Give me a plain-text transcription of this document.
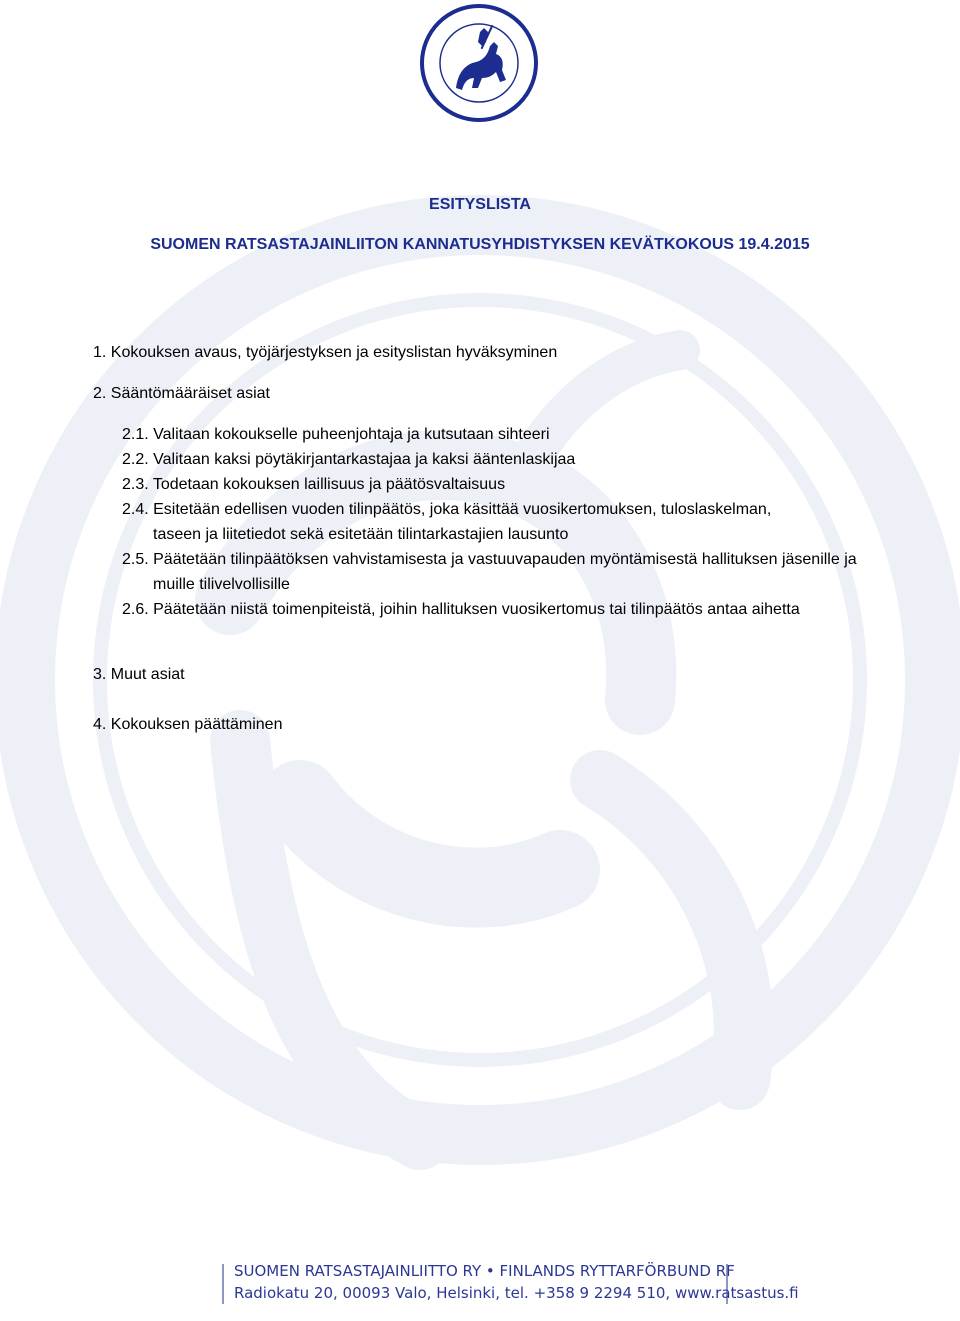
ESITYSLISTA
SUOMEN RATSASTAJAINLIITON KANNATUSYHDISTYKSEN KEVÄTKOKOUS 19.4.2015
1. Kokouksen avaus, työjärjestyksen ja esityslistan hyväksyminen
2. Sääntömääräiset asiat
2.1. Valitaan kokoukselle puheenjohtaja ja kutsutaan sihteeri
2.2. Valitaan kaksi pöytäkirjantarkastajaa ja kaksi ääntenlaskijaa
2.3. Todetaan kokouksen laillisuus ja päätösvaltaisuus
2.4. Esitetään edellisen vuoden tilinpäätös, joka käsittää vuosikertomuksen, tuloslaskelman,
taseen ja liitetiedot sekä esitetään tilintarkastajien lausunto
2.5. Päätetään tilinpäätöksen vahvistamisesta ja vastuuvapauden myöntämisestä hallituksen jäsenille ja
muille tilivelvollisille
2.6. Päätetään niistä toimenpiteistä, joihin hallituksen vuosikertomus tai tilinpäätös antaa aihetta
3. Muut asiat
4. Kokouksen päättäminen
SUOMEN RATSASTAJAINLIITTO RY • FINLANDS RYTTARFÖRBUND RF
Radiokatu 20, 00093 Valo, Helsinki, tel. +358 9 2294 510, www.ratsastus.fi
